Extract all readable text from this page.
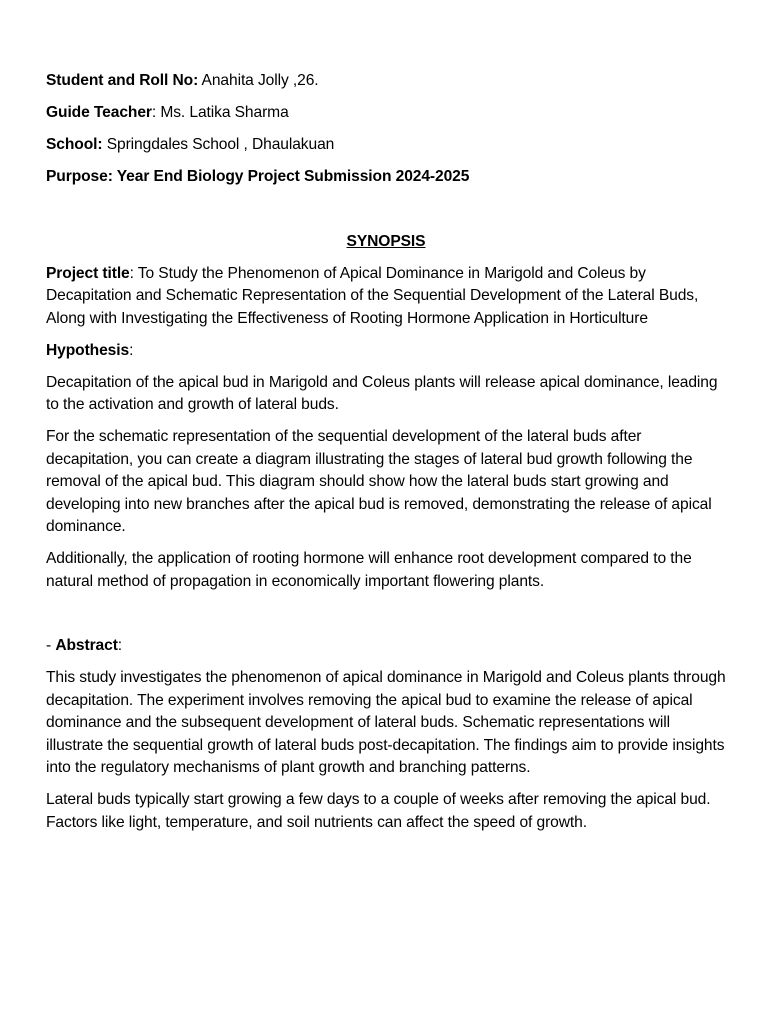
Student and Roll No: Anahita Jolly ,26.

Guide Teacher: Ms. Latika Sharma

School: Springdales School , Dhaulakuan

Purpose: Year End Biology Project Submission 2024-2025

SYNOPSIS

Project title: To Study the Phenomenon of Apical Dominance in Marigold and Coleus by Decapitation and Schematic Representation of the Sequential Development of the Lateral Buds, Along with Investigating the Effectiveness of Rooting Hormone Application in Horticulture

Hypothesis:

Decapitation of the apical bud in Marigold and Coleus plants will release apical dominance, leading to the activation and growth of lateral buds.

For the schematic representation of the sequential development of the lateral buds after decapitation, you can create a diagram illustrating the stages of lateral bud growth following the removal of the apical bud. This diagram should show how the lateral buds start growing and developing into new branches after the apical bud is removed, demonstrating the release of apical dominance.

Additionally, the application of rooting hormone will enhance root development compared to the natural method of propagation in economically important flowering plants.

- Abstract:

This study investigates the phenomenon of apical dominance in Marigold and Coleus plants through decapitation. The experiment involves removing the apical bud to examine the release of apical dominance and the subsequent development of lateral buds. Schematic representations will illustrate the sequential growth of lateral buds post-decapitation. The findings aim to provide insights into the regulatory mechanisms of plant growth and branching patterns.

Lateral buds typically start growing a few days to a couple of weeks after removing the apical bud. Factors like light, temperature, and soil nutrients can affect the speed of growth.
